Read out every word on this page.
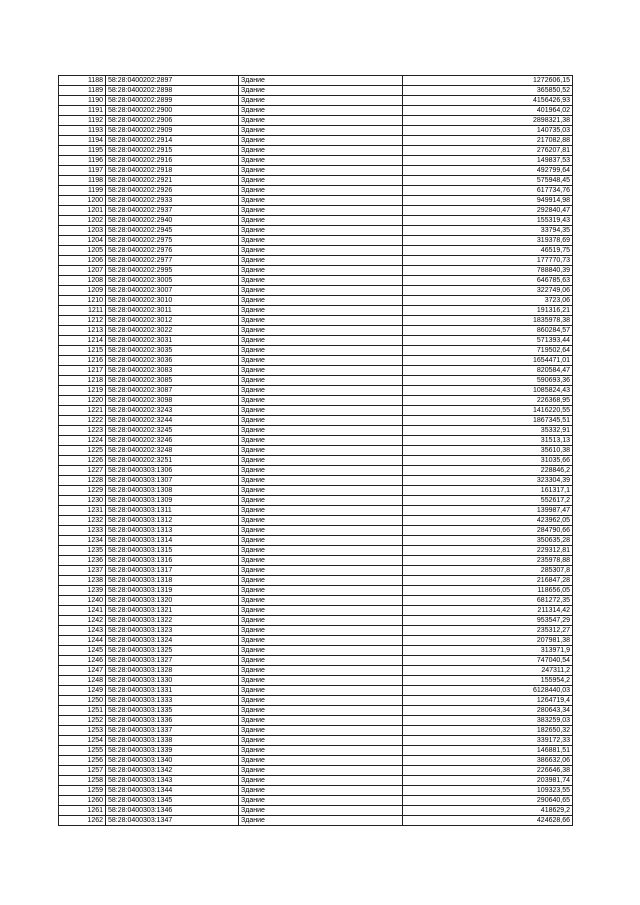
1188	58:28:0400202:2897	Здание	1272606,15
1189	58:28:0400202:2898	Здание	365850,52
1190	58:28:0400202:2899	Здание	4156426,93
1191	58:28:0400202:2900	Здание	401964,02
1192	58:28:0400202:2906	Здание	2898321,38
1193	58:28:0400202:2909	Здание	140735,03
1194	58:28:0400202:2914	Здание	217082,88
1195	58:28:0400202:2915	Здание	276207,81
1196	58:28:0400202:2916	Здание	149837,53
1197	58:28:0400202:2918	Здание	492799,64
1198	58:28:0400202:2921	Здание	575948,45
1199	58:28:0400202:2926	Здание	617734,76
1200	58:28:0400202:2933	Здание	949914,98
1201	58:28:0400202:2937	Здание	292840,47
1202	58:28:0400202:2940	Здание	155319,43
1203	58:28:0400202:2945	Здание	33794,35
1204	58:28:0400202:2975	Здание	319378,69
1205	58:28:0400202:2976	Здание	46519,75
1206	58:28:0400202:2977	Здание	177770,73
1207	58:28:0400202:2995	Здание	788840,39
1208	58:28:0400202:3005	Здание	646785,63
1209	58:28:0400202:3007	Здание	322749,06
1210	58:28:0400202:3010	Здание	3723,06
1211	58:28:0400202:3011	Здание	191316,21
1212	58:28:0400202:3012	Здание	1835978,38
1213	58:28:0400202:3022	Здание	860284,57
1214	58:28:0400202:3031	Здание	571393,44
1215	58:28:0400202:3035	Здание	719502,64
1216	58:28:0400202:3036	Здание	1654471,01
1217	58:28:0400202:3083	Здание	820584,47
1218	58:28:0400202:3085	Здание	590693,36
1219	58:28:0400202:3087	Здание	1085824,43
1220	58:28:0400202:3098	Здание	226368,95
1221	58:28:0400202:3243	Здание	1416220,55
1222	58:28:0400202:3244	Здание	1867345,51
1223	58:28:0400202:3245	Здание	35332,91
1224	58:28:0400202:3246	Здание	31513,13
1225	58:28:0400202:3248	Здание	35610,38
1226	58:28:0400202:3251	Здание	31035,66
1227	58:28:0400303:1306	Здание	228846,2
1228	58:28:0400303:1307	Здание	323304,39
1229	58:28:0400303:1308	Здание	161317,1
1230	58:28:0400303:1309	Здание	552617,2
1231	58:28:0400303:1311	Здание	139987,47
1232	58:28:0400303:1312	Здание	423962,05
1233	58:28:0400303:1313	Здание	284790,66
1234	58:28:0400303:1314	Здание	350635,28
1235	58:28:0400303:1315	Здание	229312,81
1236	58:28:0400303:1316	Здание	235978,88
1237	58:28:0400303:1317	Здание	285307,8
1238	58:28:0400303:1318	Здание	216847,28
1239	58:28:0400303:1319	Здание	118656,05
1240	58:28:0400303:1320	Здание	681272,35
1241	58:28:0400303:1321	Здание	211314,42
1242	58:28:0400303:1322	Здание	953547,29
1243	58:28:0400303:1323	Здание	235312,27
1244	58:28:0400303:1324	Здание	207981,38
1245	58:28:0400303:1325	Здание	313971,9
1246	58:28:0400303:1327	Здание	747040,54
1247	58:28:0400303:1328	Здание	247311,2
1248	58:28:0400303:1330	Здание	155954,2
1249	58:28:0400303:1331	Здание	6128440,03
1250	58:28:0400303:1333	Здание	1264719,4
1251	58:28:0400303:1335	Здание	280643,34
1252	58:28:0400303:1336	Здание	383259,03
1253	58:28:0400303:1337	Здание	182650,32
1254	58:28:0400303:1338	Здание	339172,33
1255	58:28:0400303:1339	Здание	146881,51
1256	58:28:0400303:1340	Здание	386632,06
1257	58:28:0400303:1342	Здание	226646,38
1258	58:28:0400303:1343	Здание	203981,74
1259	58:28:0400303:1344	Здание	109323,55
1260	58:28:0400303:1345	Здание	290640,65
1261	58:28:0400303:1346	Здание	418629,2
1262	58:28:0400303:1347	Здание	424628,66
